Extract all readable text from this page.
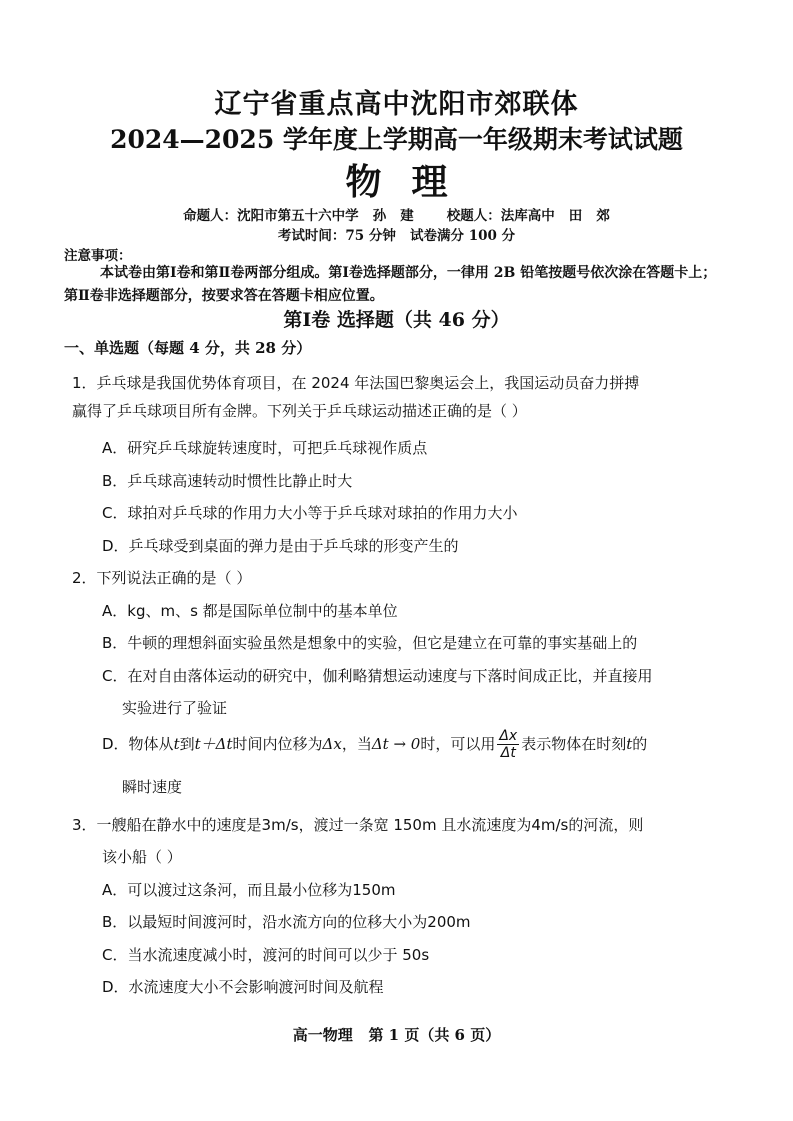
辽宁省重点高中沈阳市郊联体
2024—2025 学年度上学期高一年级期末考试试题
物理
命题人：沈阳市第五十六中学   孙   建       校题人：法库高中   田   郊
考试时间：75 分钟   试卷满分 100 分
注意事项：
本试卷由第Ⅰ卷和第Ⅱ卷两部分组成。第Ⅰ卷选择题部分，一律用 2B 铅笔按题号依次涂在答题卡上；第Ⅱ卷非选择题部分，按要求答在答题卡相应位置。
第Ⅰ卷 选择题（共 46 分）
一、单选题（每题 4 分，共 28 分）
1．乒乓球是我国优势体育项目，在 2024 年法国巴黎奥运会上，我国运动员奋力拼搏
赢得了乒乓球项目所有金牌。下列关于乒乓球运动描述正确的是（ ）
A．研究乒乓球旋转速度时，可把乒乓球视作质点
B．乒乓球高速转动时惯性比静止时大
C．球拍对乒乓球的作用力大小等于乒乓球对球拍的作用力大小
D．乒乓球受到桌面的弹力是由于乒乓球的形变产生的
2．下列说法正确的是（ ）
A．kg、m、s 都是国际单位制中的基本单位
B．牛顿的理想斜面实验虽然是想象中的实验，但它是建立在可靠的事实基础上的
C．在对自由落体运动的研究中，伽利略猜想运动速度与下落时间成正比，并直接用
实验进行了验证
D．物体从t到t＋Δt时间内位移为Δx，当Δt → 0时，可以用 $\frac{\Delta x}{\Delta t}$ 表示物体在时刻t的
瞬时速度
3．一艘船在静水中的速度是3m/s，渡过一条宽 150m 且水流速度为4m/s的河流，则
该小船（ ）
A．可以渡过这条河，而且最小位移为150m
B．以最短时间渡河时，沿水流方向的位移大小为200m
C．当水流速度减小时，渡河的时间可以少于 50s
D．水流速度大小不会影响渡河时间及航程
高一物理   第 1 页（共 6 页）
